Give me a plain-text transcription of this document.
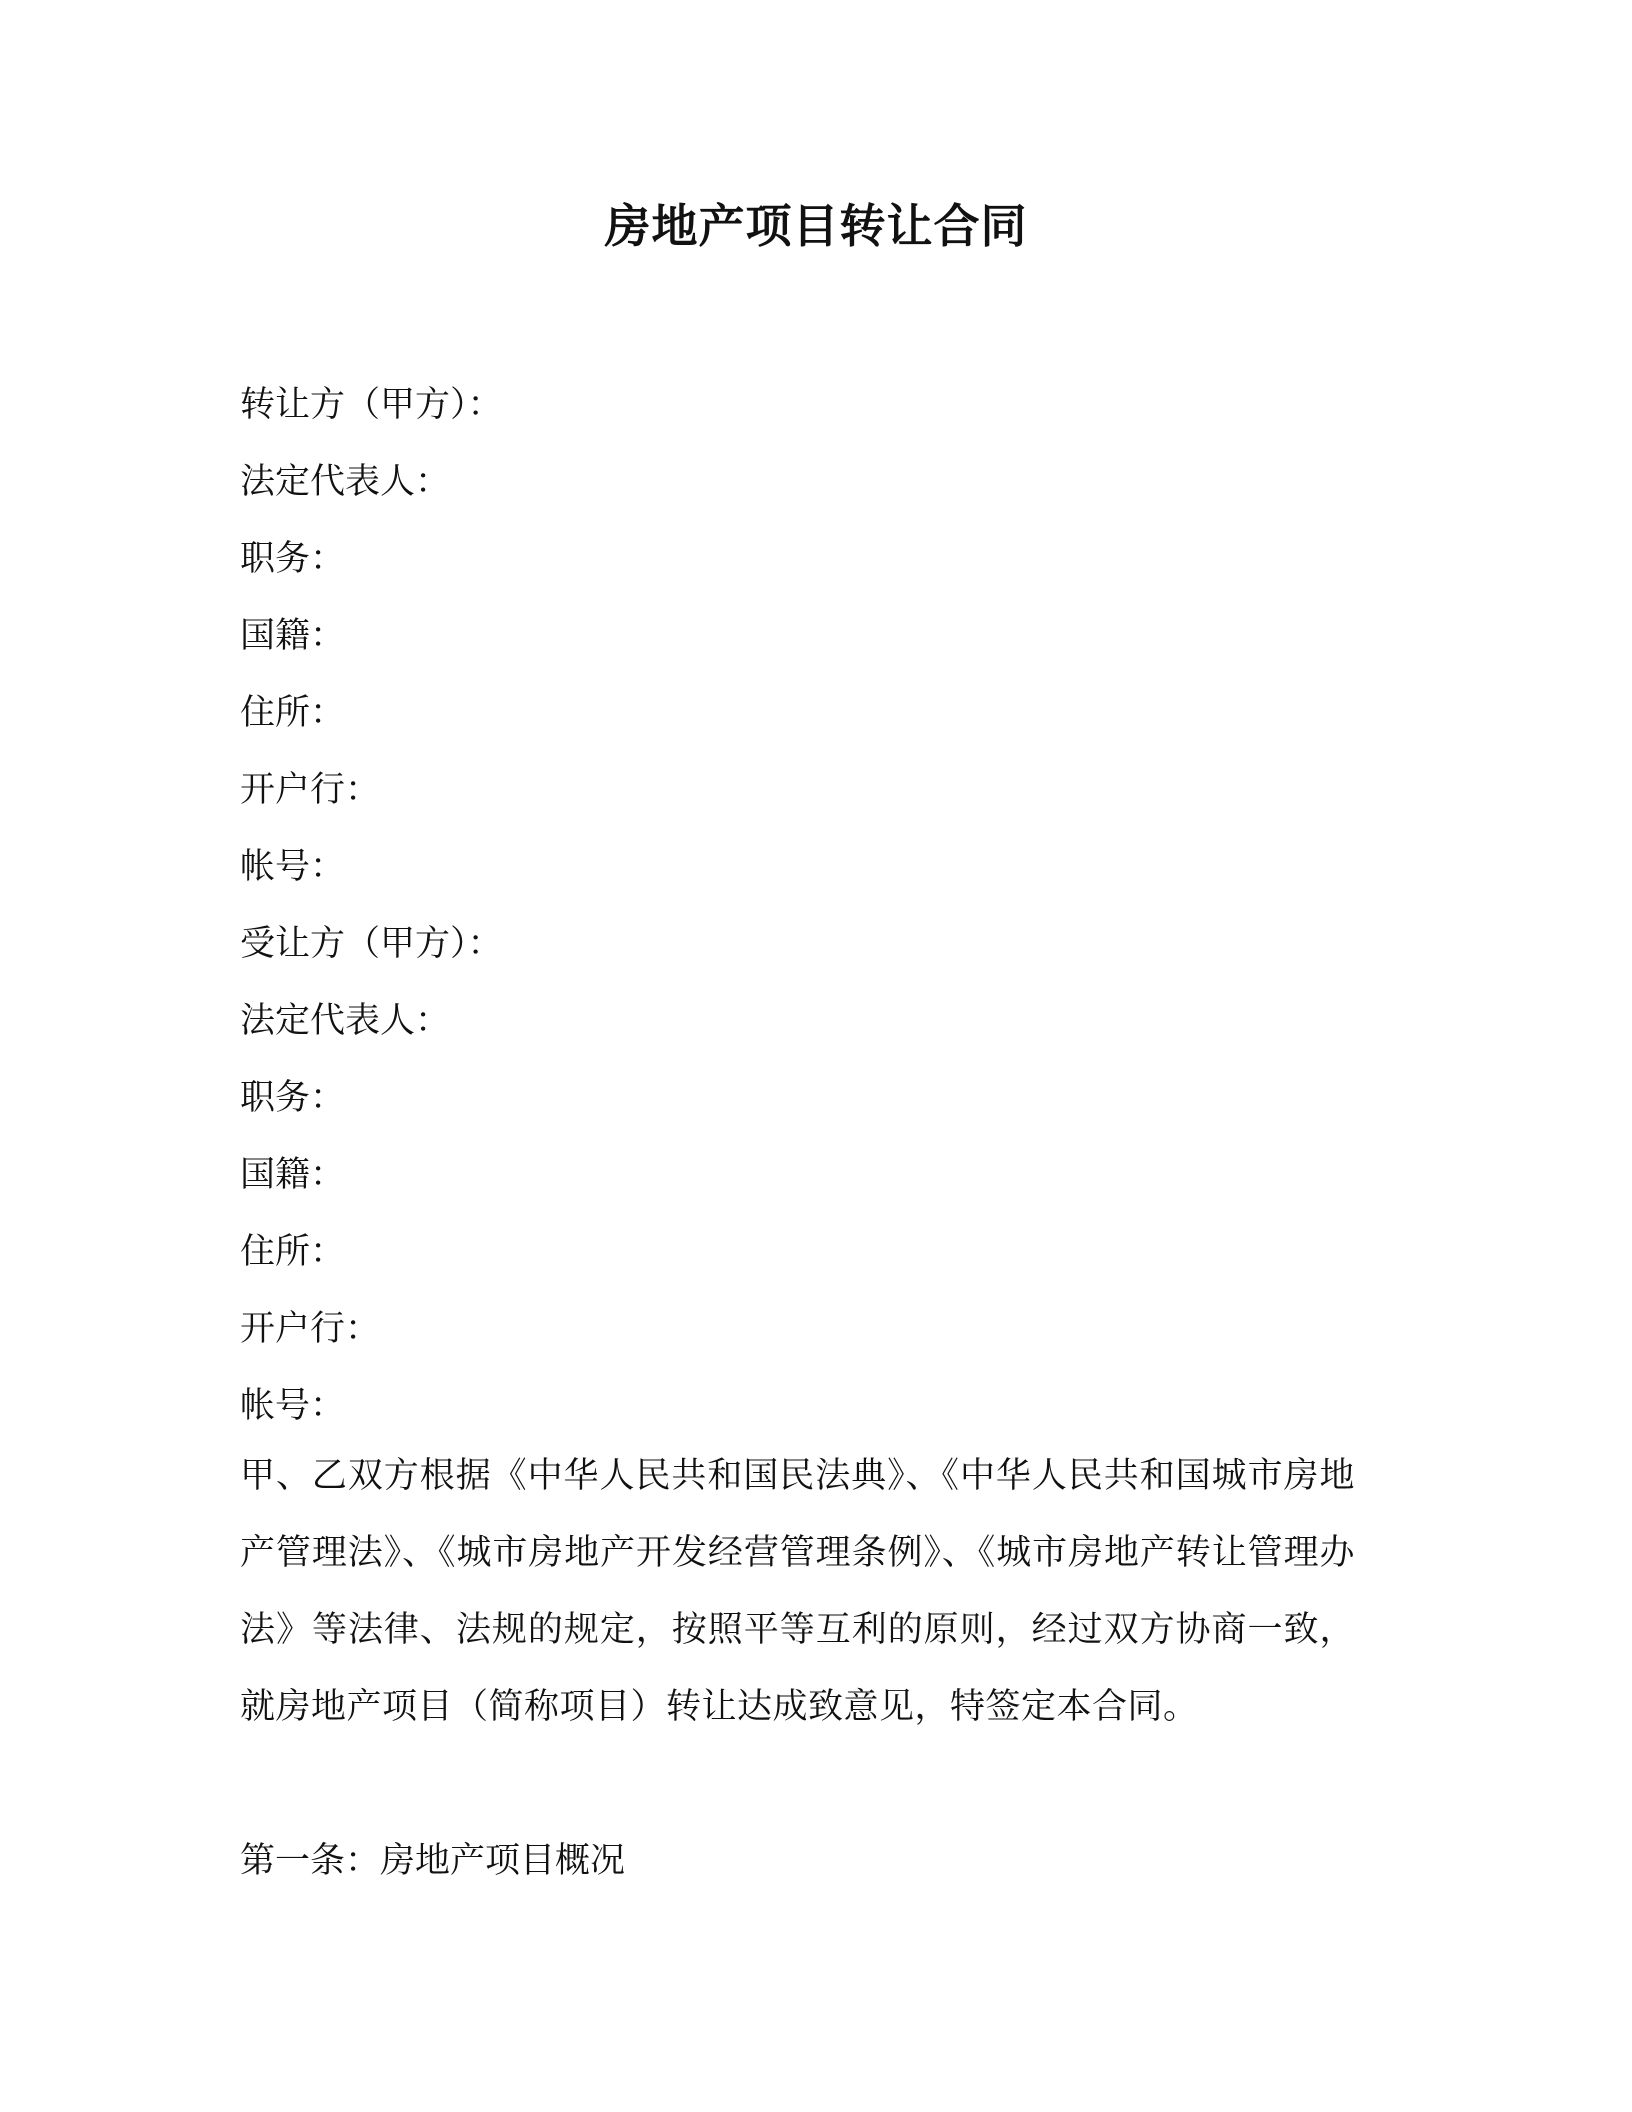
房地产项目转让合同
转让方（甲方）：
法定代表人：
职务：
国籍：
住所：
开户行：
帐号：
受让方（甲方）：
法定代表人：
职务：
国籍：
住所：
开户行：
帐号：

甲、乙双方根据《中华人民共和国民法典》、《中华人民共和国城市房地产管理法》、《城市房地产开发经营管理条例》、《城市房地产转让管理办法》等法律、法规的规定，按照平等互利的原则，经过双方协商一致，就房地产项目（简称项目）转让达成致意见，特签定本合同。

第一条：房地产项目概况
